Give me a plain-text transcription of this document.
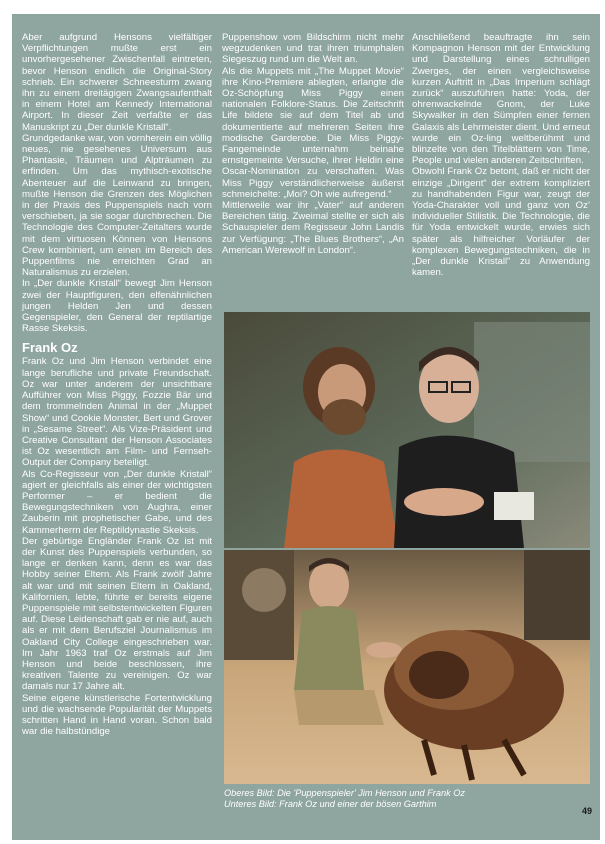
Aber aufgrund Hensons vielfältiger Verpflichtungen mußte erst ein unvorhergesehener Zwischenfall eintreten, bevor Henson endlich die Original-Story schrieb. Ein schwerer Schneesturm zwang ihn zu einem dreitägigen Zwangsaufenthalt in einem Hotel am Kennedy International Airport. In dieser Zeit verfaßte er das Manuskript zu „Der dunkle Kristall“.

Grundgedanke war, von vornherein ein völlig neues, nie gesehenes Universum aus Phantasie, Träumen und Alpträumen zu erfinden. Um das mythisch-exotische Abenteuer auf die Leinwand zu bringen, mußte Henson die Grenzen des Möglichen in der Praxis des Puppenspiels nach vorn verschieben, ja sie sogar durchbrechen. Die Technologie des Computer-Zeitalters wurde mit dem virtuosen Können von Hensons Crew kombiniert, um einen im Bereich des Puppenfilms nie erreichten Grad an Naturalismus zu erzielen.

In „Der dunkle Kristall“ bewegt Jim Henson zwei der Hauptfiguren, den elfenähnlichen jungen Helden Jen und dessen Gegenspieler, den General der reptilartige Rasse Skeksis.

Frank Oz

Frank Oz und Jim Henson verbindet eine lange berufliche und private Freundschaft. Oz war unter anderem der unsichtbare Aufführer von Miss Piggy, Fozzie Bär und dem trommelnden Animal in der „Muppet Show“ und Cookie Monster, Bert und Grover in „Sesame Street“. Als Vize-Präsident und Creative Consultant der Henson Associates ist Oz wesentlich am Film- und Fernseh-Output der Company beteiligt.

Als Co-Regisseur von „Der dunkle Kristall“ agiert er gleichfalls als einer der wichtigsten Performer – er bedient die Bewegungstechniken von Aughra, einer Zauberin mit prophetischer Gabe, und des Kammerherrn der Reptildynastie Skeksis.

Der gebürtige Engländer Frank Oz ist mit der Kunst des Puppenspiels verbunden, so lange er denken kann, denn es war das Hobby seiner Eltern. Als Frank zwölf Jahre alt war und mit seinen Eltern in Oakland, Kalifornien, lebte, führte er bereits eigene Puppenspiele mit selbstentwickelten Figuren auf. Diese Leidenschaft gab er nie auf, auch als er mit dem Berufsziel Journalismus im Oakland City College eingeschrieben war. Im Jahr 1963 traf Oz erstmals auf Jim Henson und beide beschlossen, ihre kreativen Talente zu vereinigen. Oz war damals nur 17 Jahre alt.

Seine eigene künstlerische Fortentwicklung und die wachsende Popularität der Muppets schritten Hand in Hand voran. Schon bald war die halbstündige

Puppenshow vom Bildschirm nicht mehr wegzudenken und trat ihren triumphalen Siegeszug rund um die Welt an.

Als die Muppets mit „The Muppet Movie“ ihre Kino-Premiere ablegten, erlangte die Oz-Schöpfung Miss Piggy einen nationalen Folklore-Status. Die Zeitschrift Life bildete sie auf dem Titel ab und dokumentierte auf mehreren Seiten ihre modische Garderobe. Die Miss Piggy-Fangemeinde unternahm beinahe ernstgemeinte Versuche, ihrer Heldin eine Oscar-Nomination zu verschaffen. Was Miss Piggy verständlicherweise äußerst schmeichelte: „Moi? Oh wie aufregend.“

Mittlerweile war ihr „Vater“ auf anderen Bereichen tätig. Zweimal stellte er sich als Schauspieler dem Regisseur John Landis zur Verfügung: „The Blues Brothers“, „An American Werewolf in London“.

Anschließend beauftragte ihn sein Kompagnon Henson mit der Entwicklung und Darstellung eines schrulligen Zwerges, der einen vergleichsweise kurzen Auftritt in „Das Imperium schlägt zurück“ auszuführen hatte: Yoda, der ohrenwackelnde Gnom, der Luke Skywalker in den Sümpfen einer fernen Galaxis als Lehrmeister dient. Und erneut wurde ein Oz-ling weltberühmt und blinzelte von den Titelblättern von Time, People und vielen anderen Zeitschriften.

Obwohl Frank Oz betont, daß er nicht der einzige „Dirigent“ der extrem kompliziert zu handhabenden Figur war, zeugt der Yoda-Charakter voll und ganz von Oz’ individueller Stilistik. Die Technologie, die für Yoda entwickelt wurde, erwies sich später als hilfreicher Vorläufer der komplexen Bewegungstechniken, die in „Der dunkle Kristall“ zu Anwendung kamen.

Oberes Bild: Die 'Puppenspieler' Jim Henson und Frank Oz
Unteres Bild: Frank Oz und einer der bösen Garthim
49
